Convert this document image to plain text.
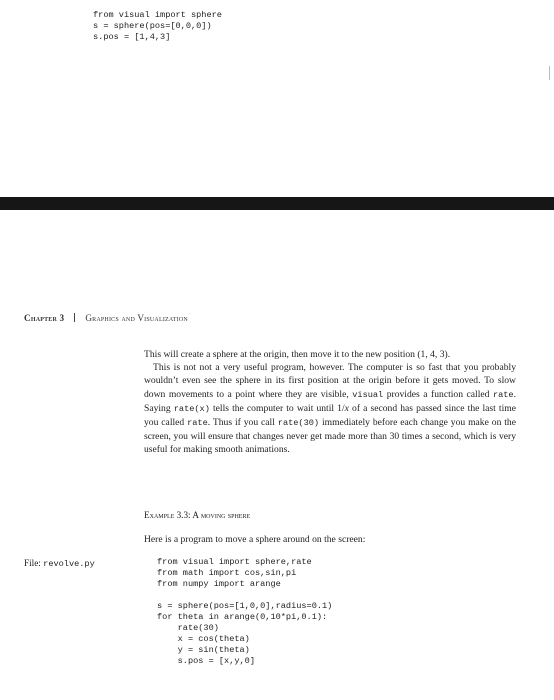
from visual import sphere
s = sphere(pos=[0,0,0])
s.pos = [1,4,3]
Chapter 3 Graphics and Visualization

This will create a sphere at the origin, then move it to the new position (1, 4, 3).

This is not not a very useful program, however. The computer is so fast that you probably wouldn’t even see the sphere in its first position at the origin before it gets moved. To slow down movements to a point where they are visible, visual provides a function called rate. Saying rate(x) tells the computer to wait until 1/x of a second has passed since the last time you called rate. Thus if you call rate(30) immediately before each change you make on the screen, you will ensure that changes never get made more than 30 times a second, which is very useful for making smooth animations.

Example 3.3: A moving sphere
Here is a program to move a sphere around on the screen:
File: revolve.py	from visual import sphere,rate
from math import cos,sin,pi
from numpy import arange
s = sphere(pos=[1,0,0],radius=0.1)
for theta in arange(0,10*pi,0.1):
rate(30)
x = cos(theta)
y = sin(theta)
s.pos = [x,y,0]
